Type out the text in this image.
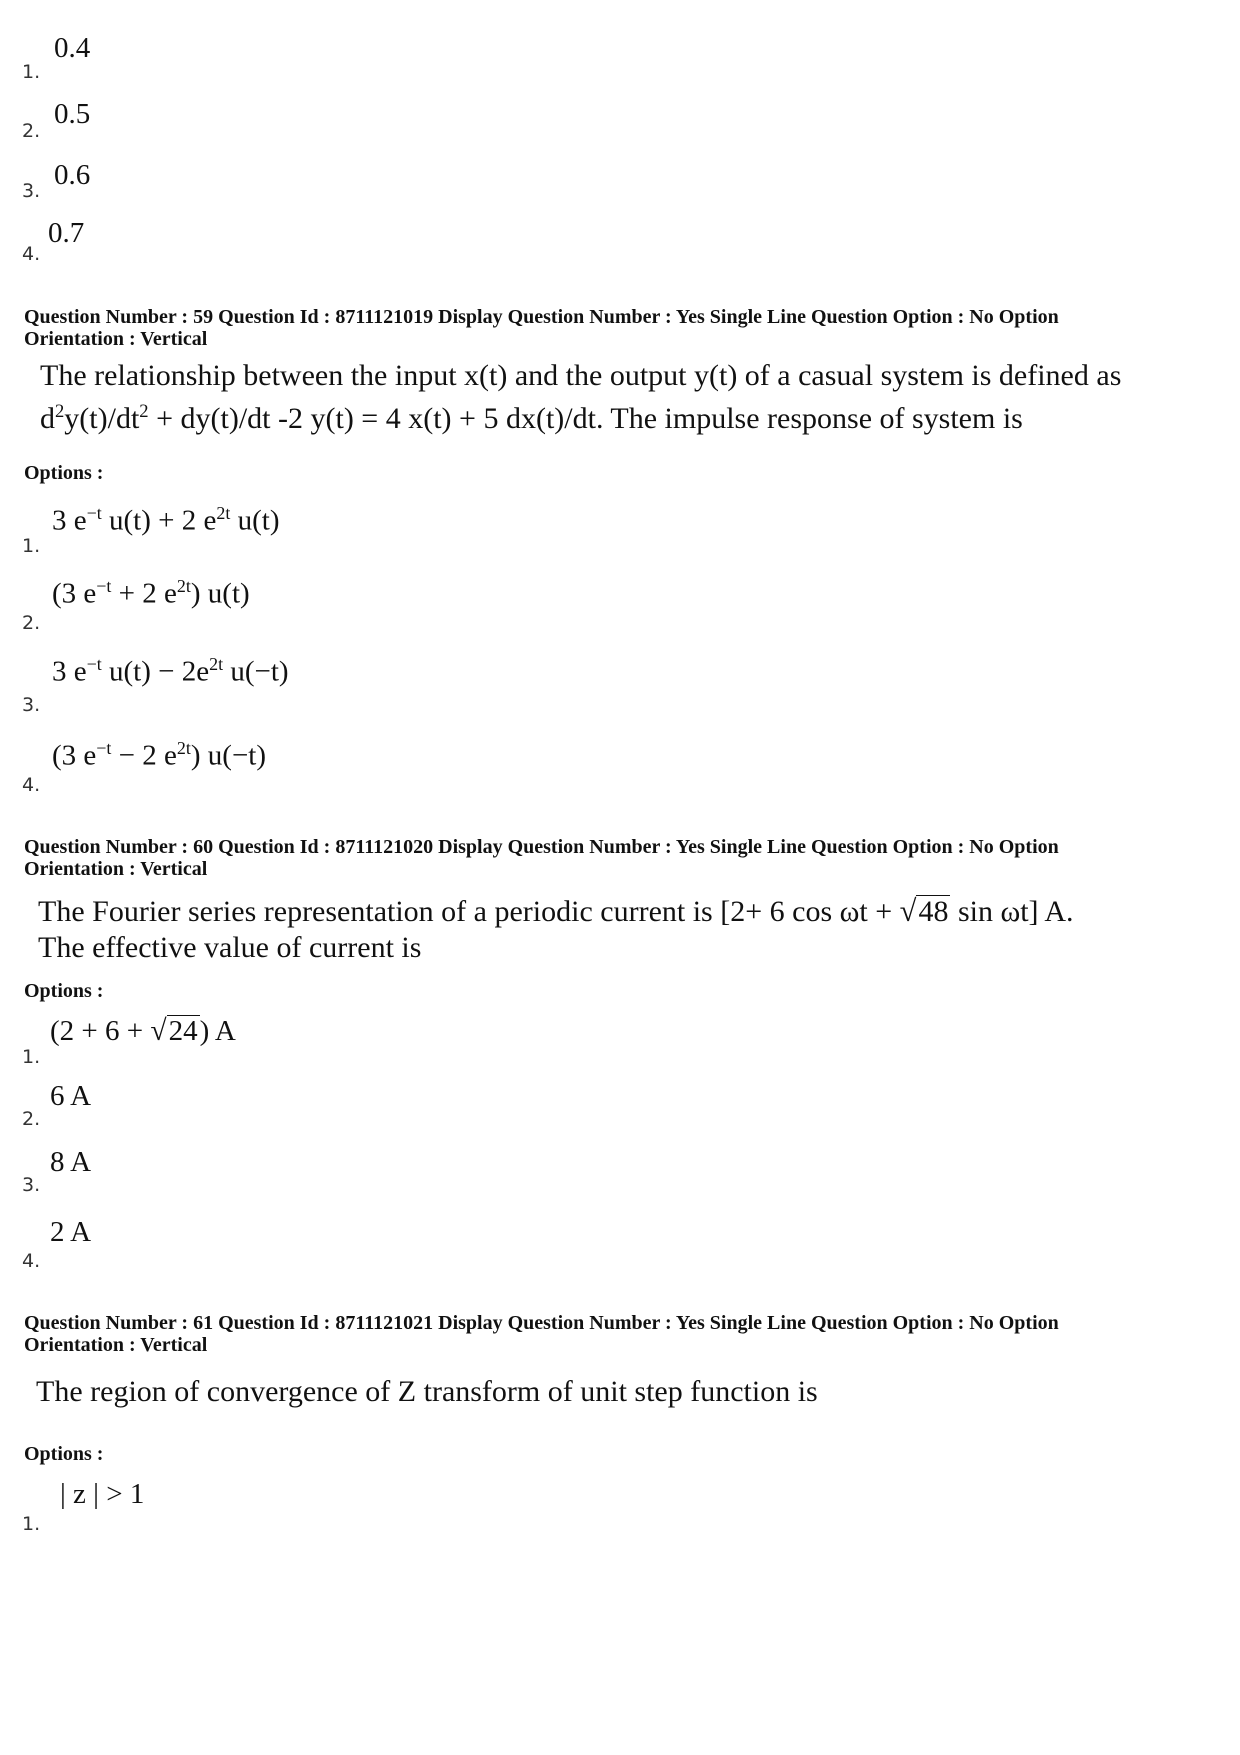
0.4
1.
0.5
2.
0.6
3.
0.7
4.
Question Number : 59 Question Id : 8711121019 Display Question Number : Yes Single Line Question Option : No Option
Orientation : Vertical
The relationship between the input x(t) and the output y(t) of a casual system is defined as
$d^2y(t)/dt^2 + dy(t)/dt$ -2 y(t) = 4 x(t) + 5 dx(t)/dt. The impulse response of system is
Options :
3 $e^{-t}$ u(t) + 2 $e^{2t}$ u(t)
1.
(3 $e^{-t} + 2$ $e^{2t}$) u(t)
2.
3 $e^{-t}$ $u(t) - 2e^{2t}$ u(−t)
3.
(3 $e^{-t} - 2$ $e^{2t}$) u(−t)
4.
Question Number : 60 Question Id : 8711121020 Display Question Number : Yes Single Line Question Option : No Option
Orientation : Vertical
The Fourier series representation of a periodic current is [2+ 6 cos ωt + √48 sin ωt] A.
The effective value of current is
Options :
(2 + 6 + √24) A
1.
6 A
2.
8 A
3.
2 A
4.
Question Number : 61 Question Id : 8711121021 Display Question Number : Yes Single Line Question Option : No Option
Orientation : Vertical
The region of convergence of Z transform of unit step function is
Options :
| z | > 1
1.
